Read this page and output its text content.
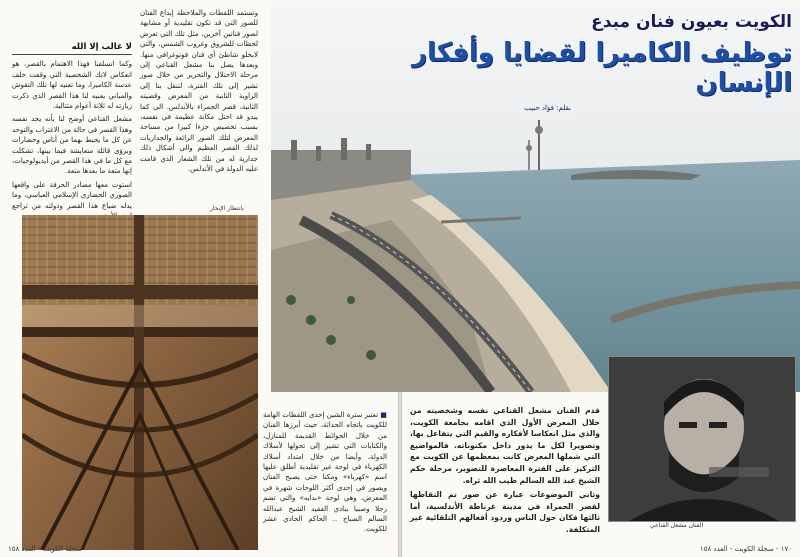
لا غالب إلا الله

وكما انسلفنا فهذا الاهتمام بالقصر، هو انعكاس لاتك الشخصية التي وقفت خلف عدسة الكاميرا، وما تعنيه لها تلك النقوش والمباني يعنيه لنا هذا القصر الذي ذكرت زيارته له ثلاثة أعوام متتالية.

مشعل القناعي أوضح لنا بأنه يجد نفسه وهذا القصر في حالة من الاغتراب والتوحد عن كل ما يحيط بهما من أناس وحضارات وبرؤى قائلة متعايشة فيما بينها، تشكلت مع كل ما في هذا القصر من أيديولوجيات، إنها متعة ما بعدها متعة.

استوت معها مصادر الحرفة على واقعها الصوري الحضاري الإسلامي العباسي، وما يدله ضياع هذا القصر ودولته من تراجع

وتستمد اللقطات والملاحظة إبداع الفنان للصور التي قد تكون تقليدية أو مشابهة لصور فنانين آخرين، مثل تلك التي تعرض لحظات للشروق وغروب الشمس، والتي لايخلو شاطئ أي فنان فوتوغرافي منها. وبعدها يصل بنا مشعل القناعي إلى مرحلة الاحتلال والتحرير من خلال صور تشير إلى تلك الفترة، لتنقل بنا إلى الزاوية الثانية من المعرض وقضيته الثانية، قصر الحمراء بالأندلس. الى كما يبدو قد احتل مكانة عظيمة في نفسه، بسبب تخصيص جزءا كبيرا من مساحة المعرض لتلك الصور الرائعة والجداريات لذلك القصر العظيم والى أشكال ذلك جدارية له من تلك الشعار الذي قامت عليه الدولة في الأندلس.

بانتظار الإبحار

■ تعتبر سترة الشين إحدى اللقطات الهامة للكويت باتجاه الحداثة، حيث أبرزها الفنان من خلال الحوائط القديمة للمنازل، والكتابات التي تشير إلى تحولها لأسلاك الدولة، وأيضا من خلال امتداد أسلاك الكهرباء في لوحة غير تقليدية أطلق عليها اسم «كهرباء» ومكنا حتى يصبح الفنان ويصور في إحدى أكثر اللوحات شهرة في المعرض، وهي لوحة «بدايه» والتي تضم رجلا وصبيا ينادي الفقيد الشيخ عبدالله السالم الصباح .. الحاكم الحادي عشر للكويت.

سجلة الكويت - العدد ١٥٨
الكويت بعيون فنان مبدع
توظيف الكاميرا لقضايا وأفكار الإنسان
بقلم: فؤاد حبيب

قدم الفنان مشعل القناعي نفسه وشخصيته من خلال المعرض الأول الذي اقامه بجامعة الكويت، والذي مثل انعكاسا لأفكاره والقيم التي يتفاعل بها، وتصويرا لكل ما يدور داخل مكنوناته. فالمواضيع التي شملها المعرض كانت بمعظمها عن الكويت مع التركيز على الفترة المعاصرة للتصوير، مرحلة حكم الشيخ عبد الله السالم طيب الله ثراه.

وثاني الموضوعات عبارة عن صور تم التقاطها لقصر الحمراء في مدينة غرناطة الأندلسية، أما ثالثها فكان حول الناس وردود أفعالهم التلقائية غير المتكلفة.	الفنان مشعل القناعي
١٧٠ - سجلة الكويت - العدد ١٥٨
